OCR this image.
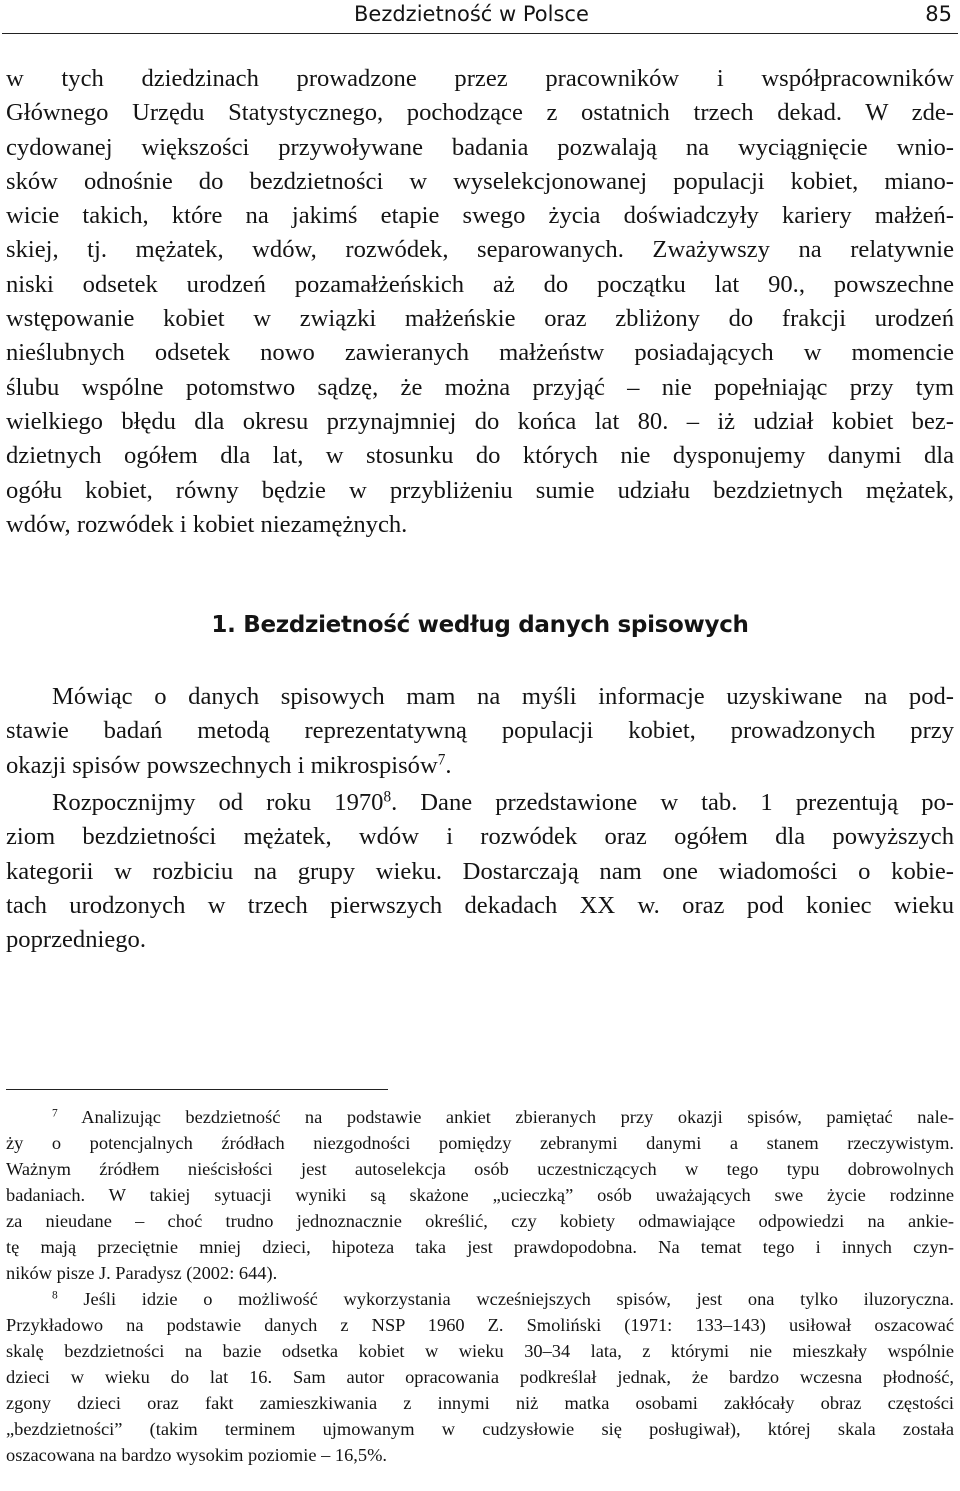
Bezdzietność w Polsce	85
w tych dziedzinach prowadzone przez pracowników i współpracowników
Głównego Urzędu Statystycznego, pochodzące z ostatnich trzech dekad. W zde-
cydowanej większości przywoływane badania pozwalają na wyciągnięcie wnio-
sków odnośnie do bezdzietności w wyselekcjonowanej populacji kobiet, miano-
wicie takich, które na jakimś etapie swego życia doświadczyły kariery małżeń-
skiej, tj. mężatek, wdów, rozwódek, separowanych. Zważywszy na relatywnie
niski odsetek urodzeń pozamałżeńskich aż do początku lat 90., powszechne
wstępowanie kobiet w związki małżeńskie oraz zbliżony do frakcji urodzeń
nieślubnych odsetek nowo zawieranych małżeństw posiadających w momencie
ślubu wspólne potomstwo sądzę, że można przyjąć – nie popełniając przy tym
wielkiego błędu dla okresu przynajmniej do końca lat 80. – iż udział kobiet bez-
dzietnych ogółem dla lat, w stosunku do których nie dysponujemy danymi dla
ogółu kobiet, równy będzie w przybliżeniu sumie udziału bezdzietnych mężatek,
wdów, rozwódek i kobiet niezamężnych.
1. Bezdzietność według danych spisowych
Mówiąc o danych spisowych mam na myśli informacje uzyskiwane na pod-
stawie badań metodą reprezentatywną populacji kobiet, prowadzonych przy
okazji spisów powszechnych i mikrospisów$^7$.
Rozpocznijmy od roku 1970$^8$. Dane przedstawione w tab. 1 prezentują po-
ziom bezdzietności mężatek, wdów i rozwódek oraz ogółem dla powyższych
kategorii w rozbiciu na grupy wieku. Dostarczają nam one wiadomości o kobie-
tach urodzonych w trzech pierwszych dekadach XX w. oraz pod koniec wieku
poprzedniego.
$^7$ Analizując bezdzietność na podstawie ankiet zbieranych przy okazji spisów, pamiętać nale-
ży o potencjalnych źródłach niezgodności pomiędzy zebranymi danymi a stanem rzeczywistym.
Ważnym źródłem nieścisłości jest autoselekcja osób uczestniczących w tego typu dobrowolnych
badaniach. W takiej sytuacji wyniki są skażone „ucieczką” osób uważających swe życie rodzinne
za nieudane – choć trudno jednoznacznie określić, czy kobiety odmawiające odpowiedzi na ankie-
tę mają przeciętnie mniej dzieci, hipoteza taka jest prawdopodobna. Na temat tego i innych czyn-
ników pisze J. Paradysz (2002: 644).
$^8$ Jeśli idzie o możliwość wykorzystania wcześniejszych spisów, jest ona tylko iluzoryczna.
Przykładowo na podstawie danych z NSP 1960 Z. Smoliński (1971: 133–143) usiłował oszacować
skalę bezdzietności na bazie odsetka kobiet w wieku 30–34 lata, z którymi nie mieszkały wspólnie
dzieci w wieku do lat 16. Sam autor opracowania podkreślał jednak, że bardzo wczesna płodność,
zgony dzieci oraz fakt zamieszkiwania z innymi niż matka osobami zakłócały obraz częstości
„bezdzietności” (takim terminem ujmowanym w cudzysłowie się posługiwał), której skala została
oszacowana na bardzo wysokim poziomie – 16,5%.
